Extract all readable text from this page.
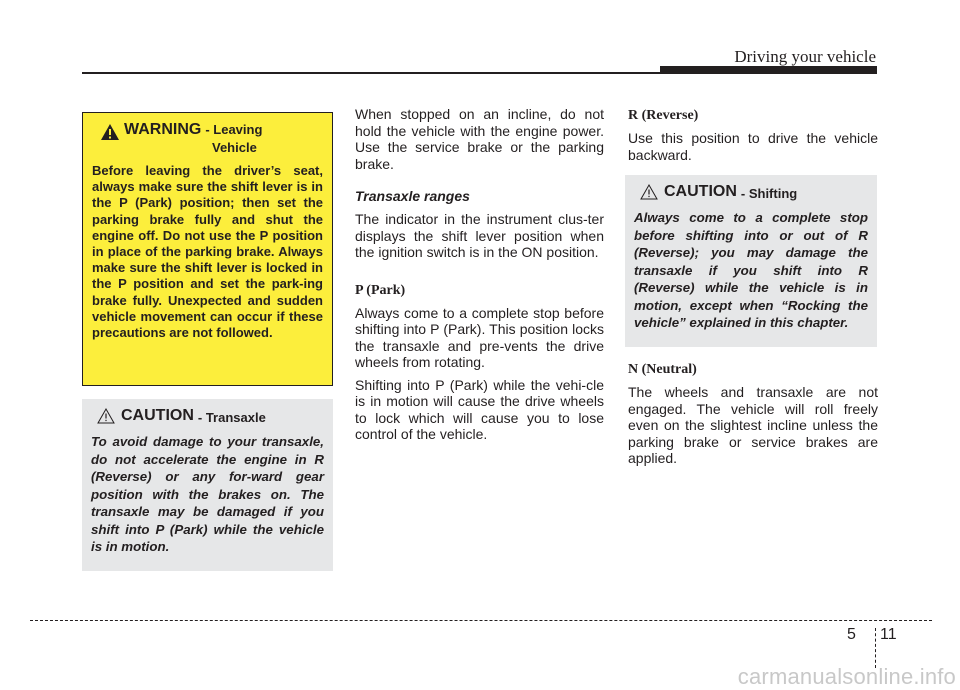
Driving your vehicle
WARNING - Leaving
Vehicle
Before leaving the driver’s seat, always make sure the shift lever is in the P (Park) position; then set the parking brake fully and shut the engine off. Do not use the P position in place of the parking brake. Always make sure the shift lever is locked in the P position and set the park-ing brake fully. Unexpected and sudden vehicle movement can occur if these precautions are not followed.
CAUTION - Transaxle
To avoid damage to your transaxle, do not accelerate the engine in R (Reverse) or any for-ward gear position with the brakes on. The transaxle may be damaged if you shift into P (Park) while the vehicle is in motion.

When stopped on an incline, do not hold the vehicle with the engine power. Use the service brake or the parking brake.

Transaxle ranges

The indicator in the instrument clus-ter displays the shift lever position when the ignition switch is in the ON position.

P (Park)

Always come to a complete stop before shifting into P (Park). This position locks the transaxle and pre-vents the drive wheels from rotating.

Shifting into P (Park) while the vehi-cle is in motion will cause the drive wheels to lock which will cause you to lose control of the vehicle.

R (Reverse)

Use this position to drive the vehicle backward.

CAUTION - Shifting
Always come to a complete stop before shifting into or out of R (Reverse); you may damage the transaxle if you shift into R (Reverse) while the vehicle is in motion, except when “Rocking the vehicle” explained in this chapter.
N (Neutral)

The wheels and transaxle are not engaged. The vehicle will roll freely even on the slightest incline unless the parking brake or service brakes are applied.

5 11
carmanualsonline.info
